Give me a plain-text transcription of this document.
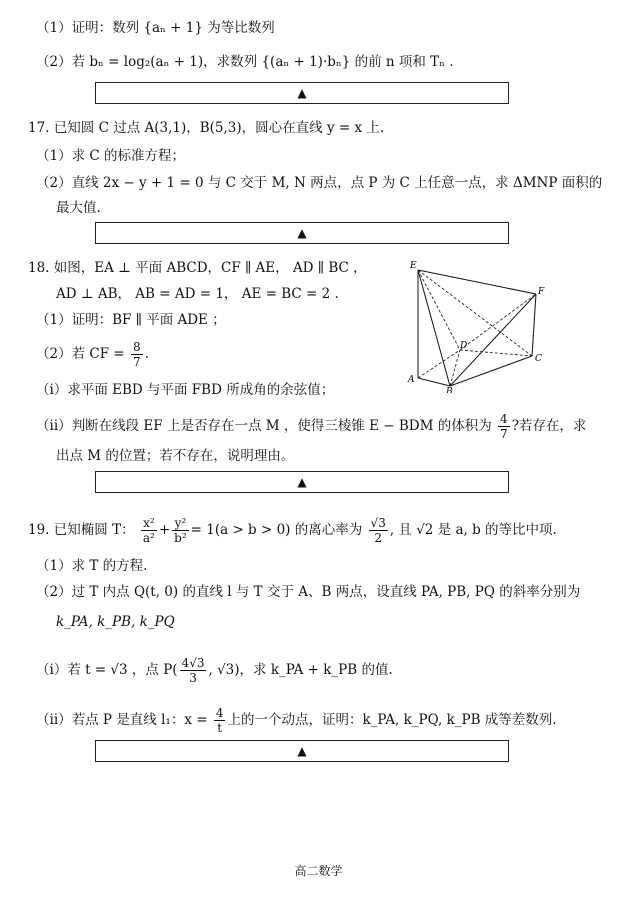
（1）证明：数列 {aₙ + 1} 为等比数列
（2）若 bₙ = log₂(aₙ + 1)，求数列 {(aₙ + 1)·bₙ} 的前 n 项和 Tₙ .
▲
17. 已知圆 C 过点 A(3,1)，B(5,3)，圆心在直线 y = x 上.
（1）求 C 的标准方程；
（2）直线 2x − y + 1 = 0 与 C 交于 M, N 两点，点 P 为 C 上任意一点，求 ΔMNP 面积的
最大值.
▲
18. 如图，EA ⊥ 平面 ABCD，CF ∥ AE， AD ∥ BC ，
AD ⊥ AB， AB = AD = 1， AE = BC = 2 .
（1）证明：BF ∥ 平面 ADE ；
（2）若 CF = $\frac{8}{7}$ .
（i）求平面 EBD 与平面 FBD 所成角的余弦值；
（ii）判断在线段 EF 上是否存在一点 M ，使得三棱锥 E − BDM 的体积为 $\frac{4}{7}$ ?若存在，求
出点 M 的位置；若不存在，说明理由。
E
F
D
C
A
B
▲
19. 已知椭圆 T： $\frac{\text{x²}}{\text{a²}} + \frac{\text{y²}}{\text{b²}} = 1(a > b > 0)$ 的离心率为 $\frac{√3}{2}$ , 且 √2 是 a, b 的等比中项.
（1）求 T 的方程.
（2）过 T 内点 Q(t, 0) 的直线 l 与 T 交于 A、B 两点，设直线 PA, PB, PQ 的斜率分别为
k_PA, k_PB, k_PQ
（i）若 t = √3 ，点 $P( \frac{4√3}{3}$ , √3)，求 k_PA + k_PB 的值.
（ii）若点 P 是直线 l₁：$x = \frac{4}{t}$ 上的一个动点，证明：k_PA, k_PQ, k_PB 成等差数列.
▲
高二数学
